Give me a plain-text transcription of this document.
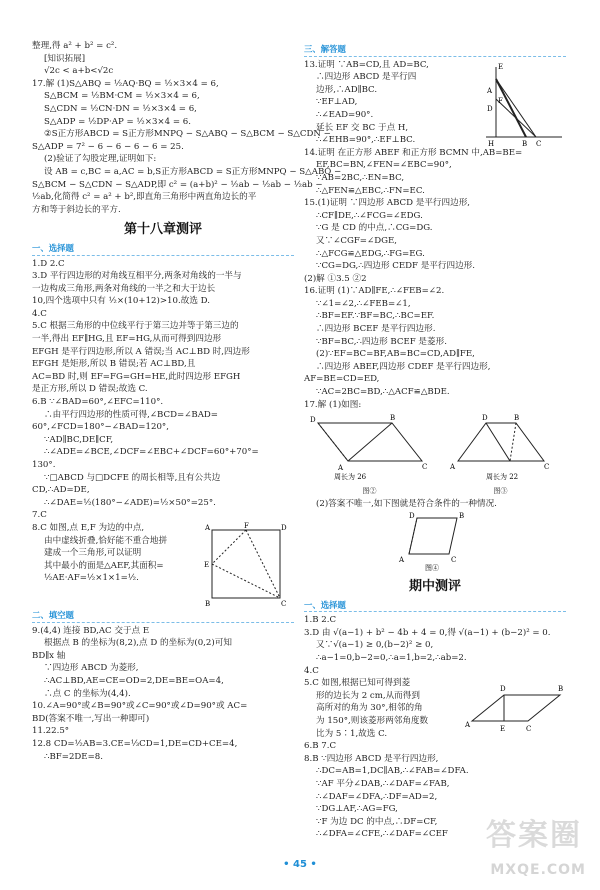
整理,得 a² + b² = c².
[知识拓展]
√2c < a+b<√2c
17.解 (1)S△ABQ = ½AQ·BQ = ½×3×4 = 6,
S△BCM = ½BM·CM = ½×3×4 = 6,
S△CDN = ½CN·DN = ½×3×4 = 6,
S△ADP = ½DP·AP = ½×3×4 = 6.
②S正方形ABCD = S正方形MNPQ − S△ABQ − S△BCM − S△CDN −
S△ADP = 7² − 6 − 6 − 6 − 6 = 25.
(2)验证了勾股定理,证明如下:
设 AB = c,BC = a,AC = b,S正方形ABCD = S正方形MNPQ − S△ABQ −
S△BCM − S△CDN − S△ADP,即 c² = (a+b)² − ½ab − ½ab − ½ab −
½ab,化简得 c² = a² + b²,即直角三角形中两直角边长的平
方和等于斜边长的平方.
第十八章测评
一、选择题
1.D 2.C
3.D 平行四边形的对角线互相平分,两条对角线的一半与
一边构成三角形,两条对角线的一半之和大于边长
10,四个选项中只有 ½×(10+12)>10.故选 D.
4.C
5.C 根据三角形的中位线平行于第三边并等于第三边的
一半,得出 EF∥HG,且 EF=HG,从而可得到四边形
EFGH 是平行四边形,所以 A 错误;当 AC⊥BD 时,四边形
EFGH 是矩形,所以 B 错误;若 AC⊥BD,且
AC=BD 时,则 EF=FG=GH=HE,此时四边形 EFGH
是正方形,所以 D 错误;故选 C.
6.B ∵∠BAD=60°,∠EFC=110°.
∴由平行四边形的性质可得,∠BCD=∠BAD=
60°,∠FCD=180°−∠BAD=120°,
∵AD∥BC,DE∥CF,
∴∠ADE=∠BCE,∠DCF=∠EBC+∠DCF=60°+70°=
130°.
∵□ABCD 与□DCFE 的周长相等,且有公共边
CD,∴AD=DE,
∴∠DAE=½(180°−∠ADE)=½×50°=25°.
7.C
8.C 如图,点 E,F 为边的中点,
由中虚线折叠,恰好能不重合地拼
建成一个三角形,可以证明
其中最小的面是△AEF,其面积=
½AE·AF=½×1×1=½.
A	F	D
E
B	C
二、填空题
9.(4,4) 连接 BD,AC 交于点 E
根据点 B 的坐标为(8,2),点 D 的坐标为(0,2)可知
BD∥x 轴
∵四边形 ABCD 为菱形,
∴AC⊥BD,AE=CE=OD=2,DE=BE=OA=4,
∴点 C 的坐标为(4,4).
10.∠A=90°或∠B=90°或∠C=90°或∠D=90°或 AC=
BD(答案不唯一,写出一种即可)
11.22.5°
12.8 CD=½AB=3.CE=⅓CD=1,DE=CD+CE=4,
∴BF=2DE=8.
三、解答题
13.证明 ∵AB=CD,且 AD=BC,
∴四边形 ABCD 是平行四
边形,∴AD∥BC.
∵EF⊥AD,
∴∠EAD=90°.
延长 EF 交 BC 于点 H,
∴∠EHB=90°,∴EF⊥BC.
E
A
F
D
H	B C
14.证明 在正方形 ABEF 和正方形 BCMN 中,AB=BE=
EF,BC=BN,∠FEN=∠EBC=90°,
∵AB=2BC,∴EN=BC,
∴△FEN≌△EBC,∴FN=EC.
15.(1)证明 ∵四边形 ABCD 是平行四边形,
∴CF∥DE,∴∠FCG=∠EDG.
∵G 是 CD 的中点,∴CG=DG.
又∵∠CGF=∠DGE,
∴△FCG≌△EDG,∴FG=EG.
∵CG=DG,∴四边形 CEDF 是平行四边形.
(2)解 ①3.5 ②2
16.证明 (1)∵AD∥FE,∴∠FEB=∠2.
∵∠1=∠2,∴∠FEB=∠1,
∴BF=EF.∵BF=BC,∴BC=EF.
∴四边形 BCEF 是平行四边形.
∵BF=BC,∴四边形 BCEF 是菱形.
(2)∵EF=BC=BF,AB=BC=CD,AD∥FE,
∴四边形 ABEF,四边形 CDEF 是平行四边形,
AF=BE=CD=ED,
∵AC=2BC=BD,∴△ACF≌△BDE.
17.解 (1)如图:
D
A
B
C
周长为 26
D
A
B
C
周长为 22
图②	图③
(2)答案不唯一,如下图就是符合条件的一种情况.
D
A
B
C
图④
期中测评
一、选择题
1.B 2.C
3.D 由 √(a−1) + b² − 4b + 4 = 0,得 √(a−1) + (b−2)² = 0.
又∵√(a−1) ≥ 0,(b−2)² ≥ 0,
∴a−1=0,b−2=0,∴a=1,b=2,∴ab=2.
4.C
5.C 如图,根据已知可得到菱
形的边长为 2 cm,从而得到
高所对的角为 30°,相邻的角
为 150°,则该菱形两邻角度数
比为 5∶1,故选 C.
A
D	B
E	C
6.B 7.C
8.B ∵四边形 ABCD 是平行四边形,
∴DC=AB=1,DC∥AB,∴∠FAB=∠DFA.
∵AF 平分∠DAB,∴∠DAF=∠FAB,
∴∠DAF=∠DFA,∴DF=AD=2,
∵DG⊥AF,∴AG=FG,
∵F 为边 DC 的中点,∴DF=CF,
∴∠DFA=∠CFE,∴∠DAF=∠CEF
• 45 •
答案圈
MXQE.COM
